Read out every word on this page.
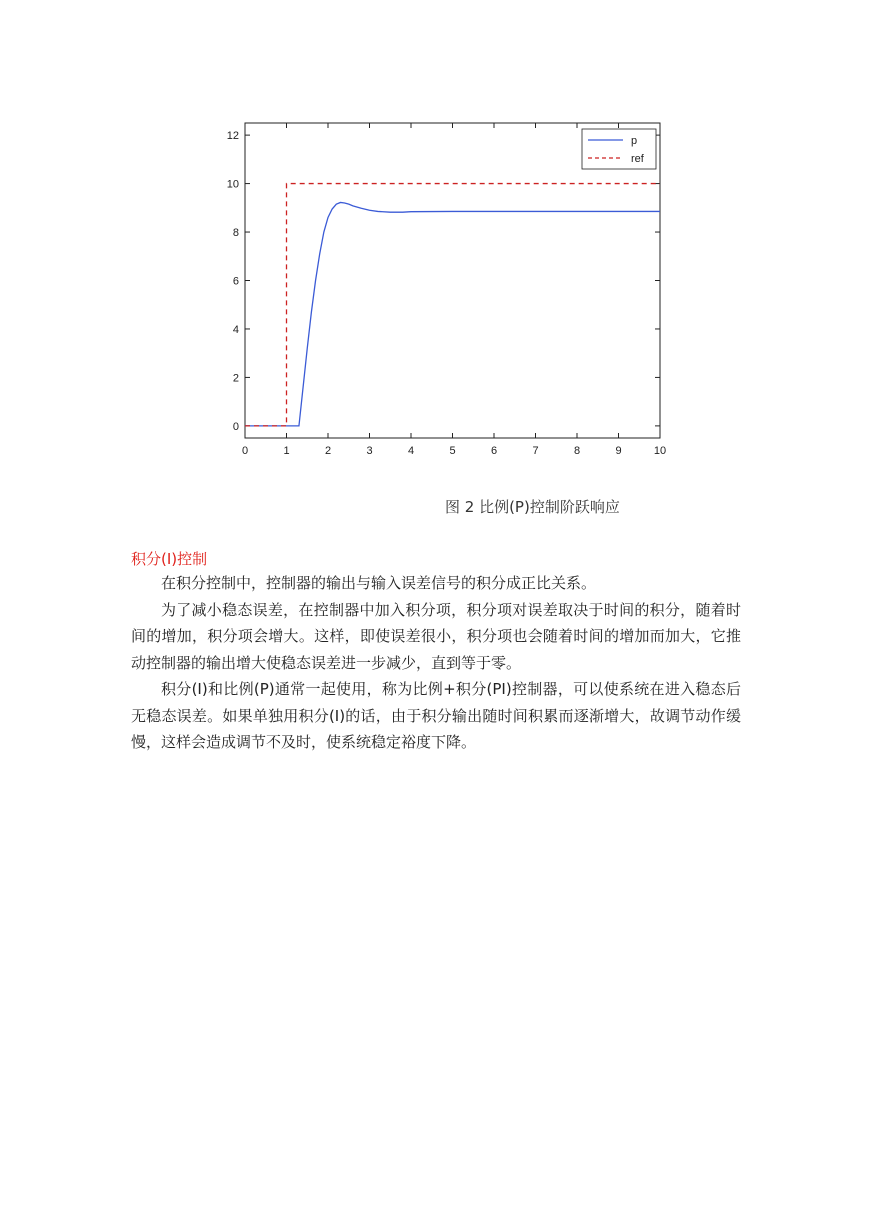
0	1	2	3	4	5	6	7	8	9	10
0
2
4
6
8
10
12	p
ref
图 2 比例(P)控制阶跃响应
积分(I)控制

在积分控制中，控制器的输出与输入误差信号的积分成正比关系。

为了减小稳态误差，在控制器中加入积分项，积分项对误差取决于时间的积分，随着时间的增加，积分项会增大。这样，即使误差很小，积分项也会随着时间的增加而加大，它推动控制器的输出增大使稳态误差进一步减少，直到等于零。

积分(I)和比例(P)通常一起使用，称为比例+积分(PI)控制器，可以使系统在进入稳态后无稳态误差。如果单独用积分(I)的话，由于积分输出随时间积累而逐渐增大，故调节动作缓慢，这样会造成调节不及时，使系统稳定裕度下降。
